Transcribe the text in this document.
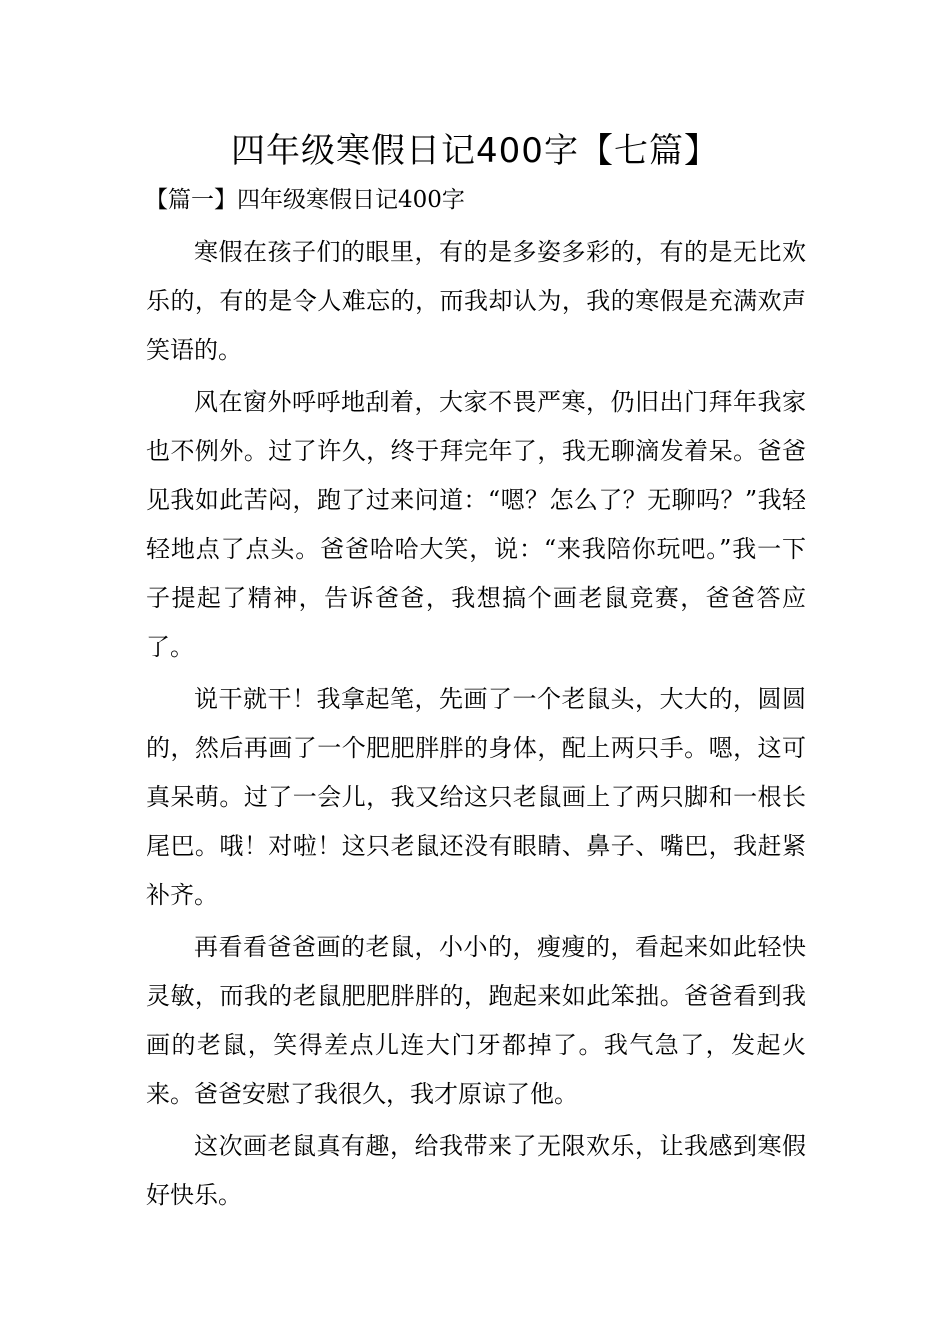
四年级寒假日记400字【七篇】
【篇一】四年级寒假日记400字

寒假在孩子们的眼里，有的是多姿多彩的，有的是无比欢乐的，有的是令人难忘的，而我却认为，我的寒假是充满欢声笑语的。

风在窗外呼呼地刮着，大家不畏严寒，仍旧出门拜年我家也不例外。过了许久，终于拜完年了，我无聊滴发着呆。爸爸见我如此苦闷，跑了过来问道：“嗯？怎么了？无聊吗？”我轻轻地点了点头。爸爸哈哈大笑，说：“来我陪你玩吧。”我一下子提起了精神，告诉爸爸，我想搞个画老鼠竞赛，爸爸答应了。

说干就干！我拿起笔，先画了一个老鼠头，大大的，圆圆的，然后再画了一个肥肥胖胖的身体，配上两只手。嗯，这可真呆萌。过了一会儿，我又给这只老鼠画上了两只脚和一根长尾巴。哦！对啦！这只老鼠还没有眼睛、鼻子、嘴巴，我赶紧补齐。

再看看爸爸画的老鼠，小小的，瘦瘦的，看起来如此轻快灵敏，而我的老鼠肥肥胖胖的，跑起来如此笨拙。爸爸看到我画的老鼠，笑得差点儿连大门牙都掉了。我气急了，发起火来。爸爸安慰了我很久，我才原谅了他。

这次画老鼠真有趣，给我带来了无限欢乐，让我感到寒假好快乐。
